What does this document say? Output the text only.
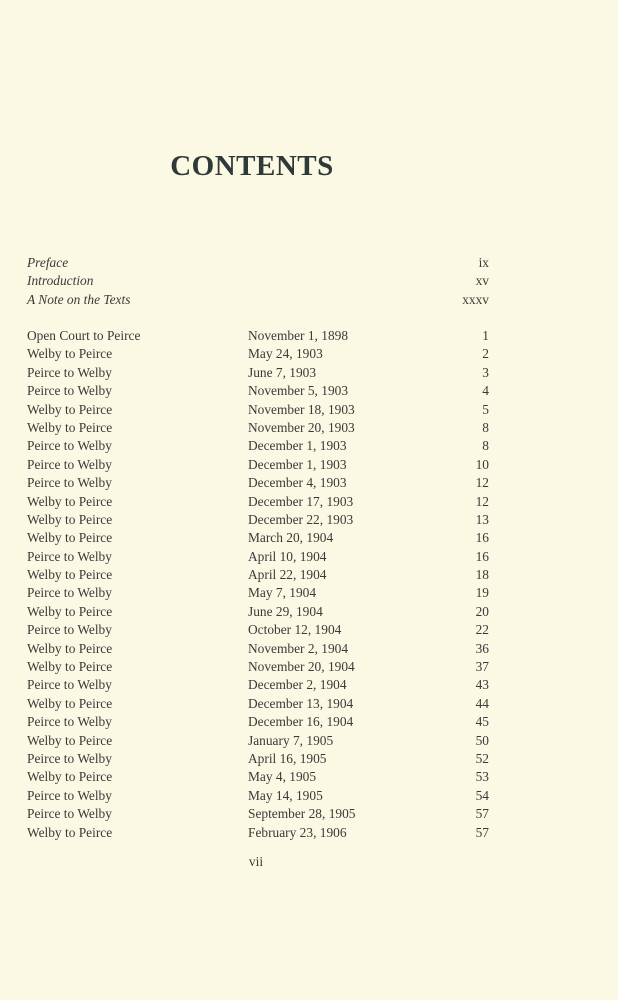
CONTENTS
Preface	ix
Introduction	xv
A Note on the Texts	xxxv
Open Court to Peirce	November 1, 1898	1
Welby to Peirce	May 24, 1903	2
Peirce to Welby	June 7, 1903	3
Peirce to Welby	November 5, 1903	4
Welby to Peirce	November 18, 1903	5
Welby to Peirce	November 20, 1903	8
Peirce to Welby	December 1, 1903	8
Peirce to Welby	December 1, 1903	10
Peirce to Welby	December 4, 1903	12
Welby to Peirce	December 17, 1903	12
Welby to Peirce	December 22, 1903	13
Welby to Peirce	March 20, 1904	16
Peirce to Welby	April 10, 1904	16
Welby to Peirce	April 22, 1904	18
Peirce to Welby	May 7, 1904	19
Welby to Peirce	June 29, 1904	20
Peirce to Welby	October 12, 1904	22
Welby to Peirce	November 2, 1904	36
Welby to Peirce	November 20, 1904	37
Peirce to Welby	December 2, 1904	43
Welby to Peirce	December 13, 1904	44
Peirce to Welby	December 16, 1904	45
Welby to Peirce	January 7, 1905	50
Peirce to Welby	April 16, 1905	52
Welby to Peirce	May 4, 1905	53
Peirce to Welby	May 14, 1905	54
Peirce to Welby	September 28, 1905	57
Welby to Peirce	February 23, 1906	57
vii
